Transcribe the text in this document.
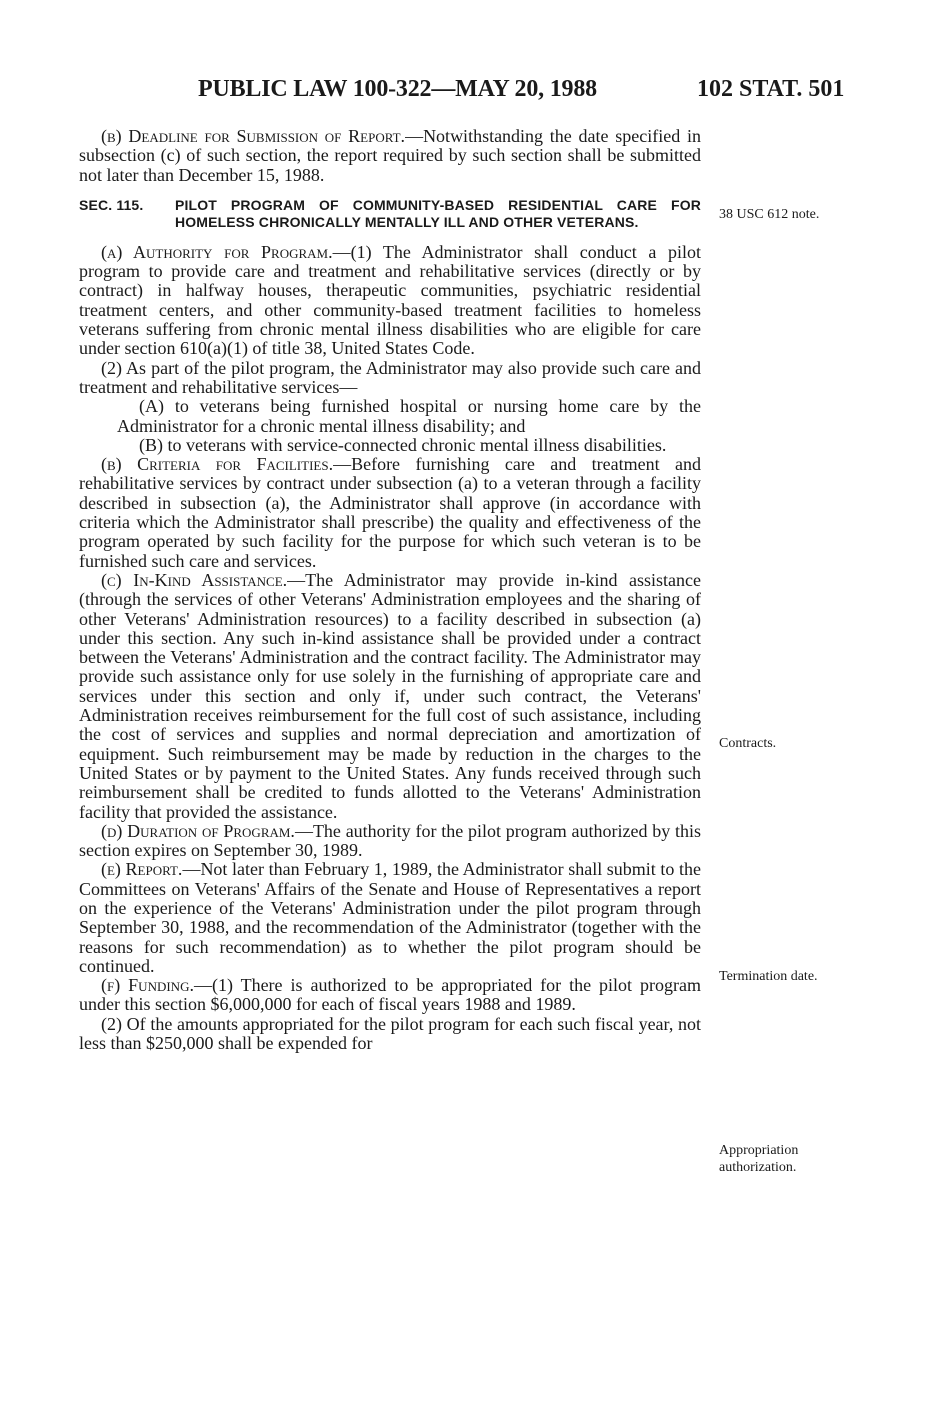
PUBLIC LAW 100-322—MAY 20, 1988	102 STAT. 501

(b) Deadline for Submission of Report.—Notwithstanding the date specified in subsection (c) of such section, the report required by such section shall be submitted not later than December 15, 1988.

SEC. 115. PILOT PROGRAM OF COMMUNITY-BASED RESIDENTIAL CARE FOR HOMELESS CHRONICALLY MENTALLY ILL AND OTHER VETERANS.

(a) Authority for Program.—(1) The Administrator shall conduct a pilot program to provide care and treatment and rehabilitative services (directly or by contract) in halfway houses, therapeutic communities, psychiatric residential treatment centers, and other community-based treatment facilities to homeless veterans suffering from chronic mental illness disabilities who are eligible for care under section 610(a)(1) of title 38, United States Code.

(2) As part of the pilot program, the Administrator may also provide such care and treatment and rehabilitative services—

(A) to veterans being furnished hospital or nursing home care by the Administrator for a chronic mental illness disability; and

(B) to veterans with service-connected chronic mental illness disabilities.

(b) Criteria for Facilities.—Before furnishing care and treatment and rehabilitative services by contract under subsection (a) to a veteran through a facility described in subsection (a), the Administrator shall approve (in accordance with criteria which the Administrator shall prescribe) the quality and effectiveness of the program operated by such facility for the purpose for which such veteran is to be furnished such care and services.

(c) In-Kind Assistance.—The Administrator may provide in-kind assistance (through the services of other Veterans' Administration employees and the sharing of other Veterans' Administration resources) to a facility described in subsection (a) under this section. Any such in-kind assistance shall be provided under a contract between the Veterans' Administration and the contract facility. The Administrator may provide such assistance only for use solely in the furnishing of appropriate care and services under this section and only if, under such contract, the Veterans' Administration receives reimbursement for the full cost of such assistance, including the cost of services and supplies and normal depreciation and amortization of equipment. Such reimbursement may be made by reduction in the charges to the United States or by payment to the United States. Any funds received through such reimbursement shall be credited to funds allotted to the Veterans' Administration facility that provided the assistance.

(d) Duration of Program.—The authority for the pilot program authorized by this section expires on September 30, 1989.

(e) Report.—Not later than February 1, 1989, the Administrator shall submit to the Committees on Veterans' Affairs of the Senate and House of Representatives a report on the experience of the Veterans' Administration under the pilot program through September 30, 1988, and the recommendation of the Administrator (together with the reasons for such recommendation) as to whether the pilot program should be continued.

(f) Funding.—(1) There is authorized to be appropriated for the pilot program under this section $6,000,000 for each of fiscal years 1988 and 1989.

(2) Of the amounts appropriated for the pilot program for each such fiscal year, not less than $250,000 shall be expended for

38 USC 612 note.
Contracts.
Termination date.
Appropriation authorization.
